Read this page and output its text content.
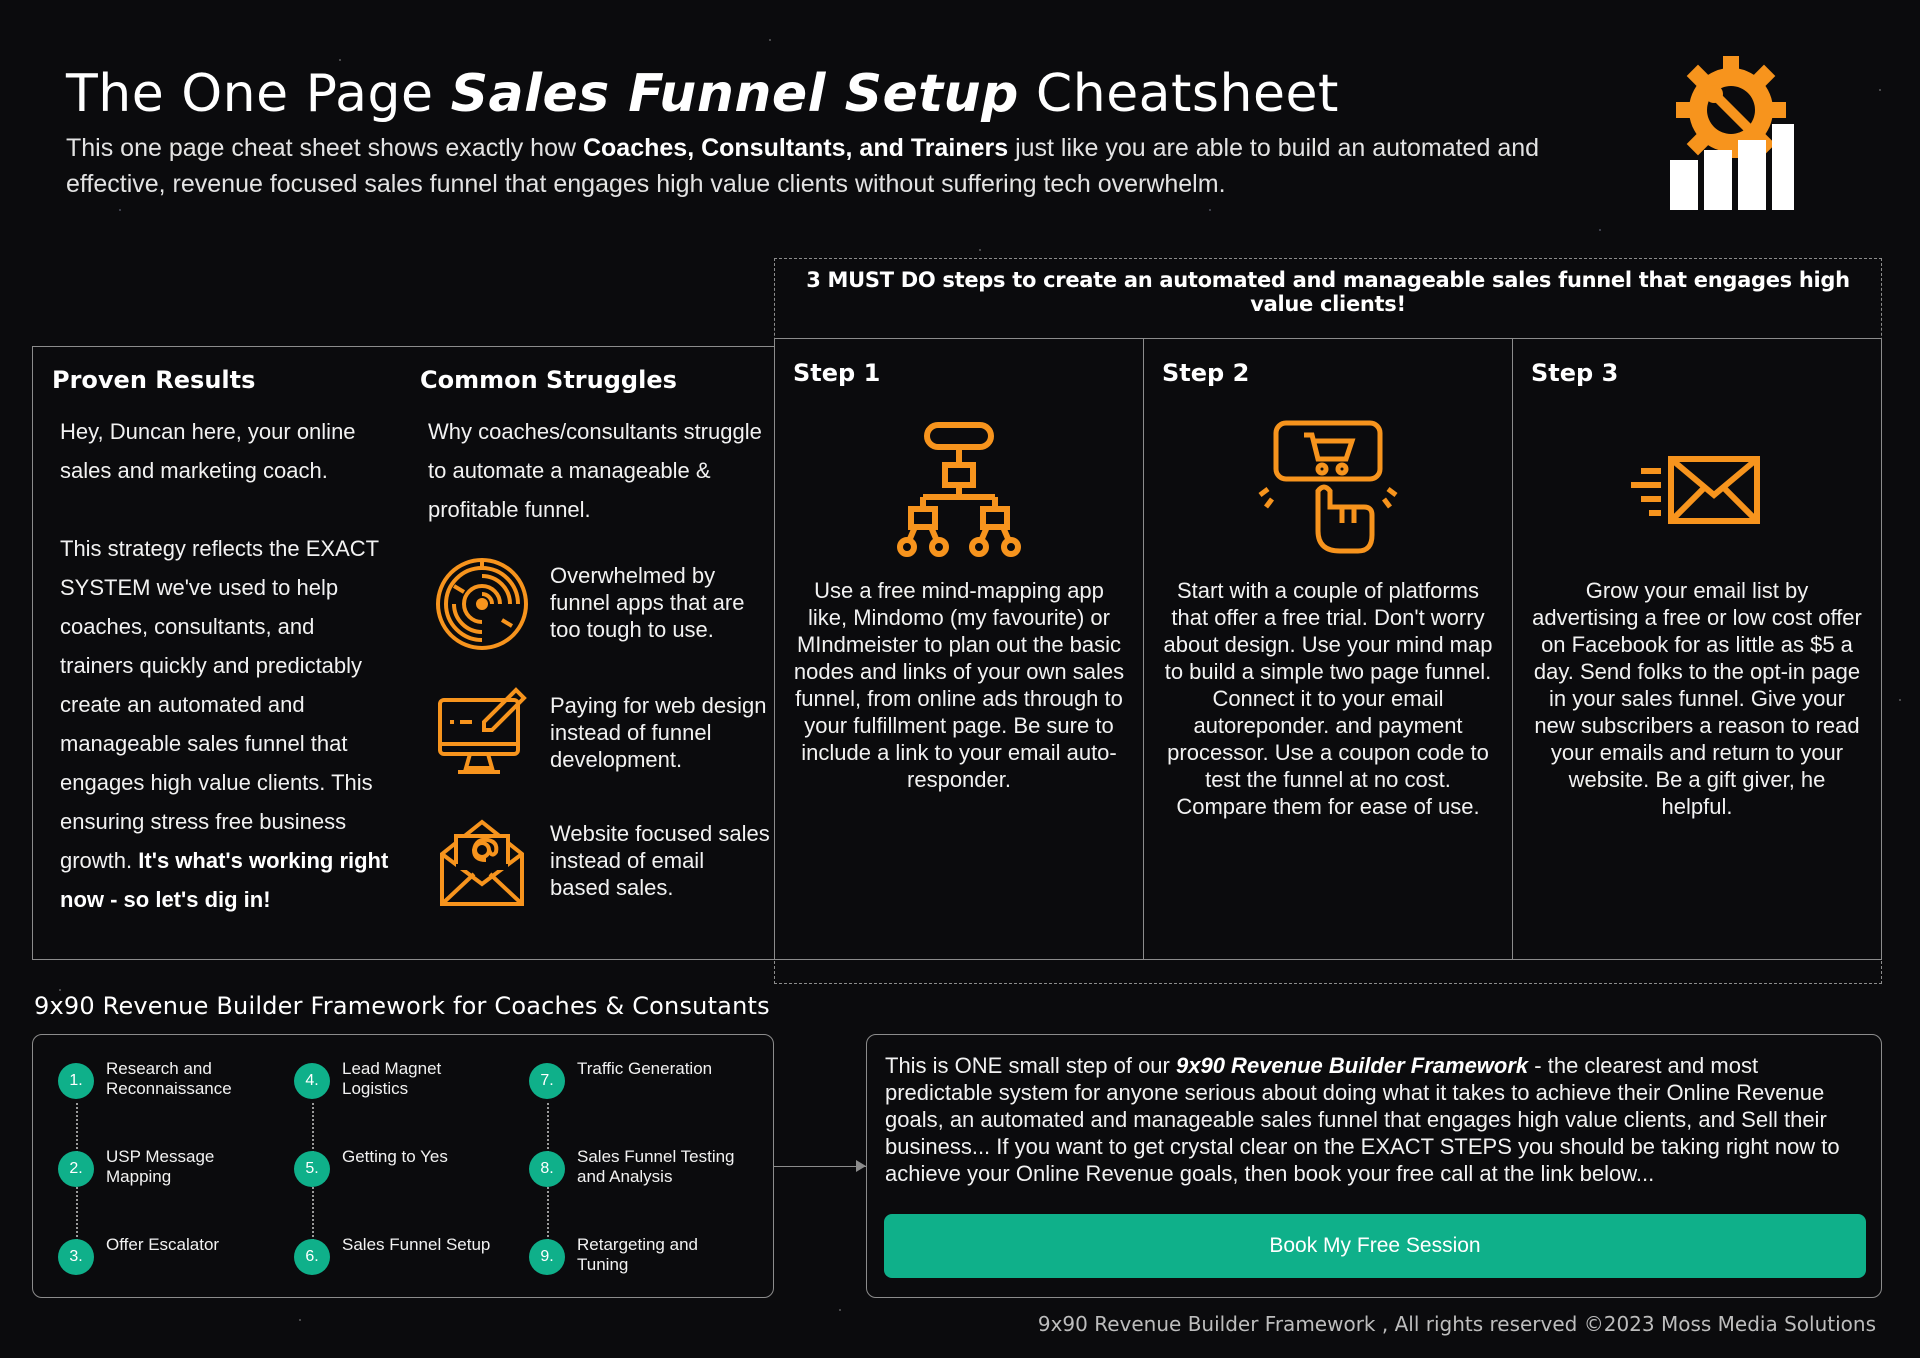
The One Page Sales Funnel Setup Cheatsheet
This one page cheat sheet shows exactly how Coaches, Consultants, and Trainers just like you are able to build an automated and effective, revenue focused sales funnel that engages high value clients without suffering tech overwhelm.
3 MUST DO steps to create an automated and manageable sales funnel that engages high value clients!
Step 1
Use a free mind-mapping app like, Mindomo (my favourite) or MIndmeister to plan out the basic nodes and links of your own sales funnel, from online ads through to your fulfillment page. Be sure to include a link to your email auto-responder.
Step 2
Start with a couple of platforms that offer a free trial. Don't worry about design. Use your mind map to build a simple two page funnel. Connect it to your email autoreponder. and payment processor. Use a coupon code to test the funnel at no cost. Compare them for ease of use.
Step 3
Grow your email list by advertising a free or low cost offer on Facebook for as little as $5 a day. Send folks to the opt-in page in your sales funnel. Give your new subscribers a reason to read your emails and return to your website. Be a gift giver, he helpful.
Proven Results
Hey, Duncan here, your online sales and marketing coach.
This strategy reflects the EXACT SYSTEM we've used to help coaches, consultants, and trainers quickly and predictably create an automated and manageable sales funnel that engages high value clients. This ensuring stress free business growth. It's what's working right now - so let's dig in!
Common Struggles
Why coaches/consultants struggle to automate a manageable & profitable funnel.
Overwhelmed by funnel apps that are too tough to use.
Paying for web design instead of funnel development.
Website focused sales instead of email based sales.
9x90 Revenue Builder Framework for Coaches & Consutants
1.
Research and Reconnaissance
2.
USP Message Mapping
3.
Offer Escalator
4.
Lead Magnet Logistics
5.
Getting to Yes
6.
Sales Funnel Setup
7.
Traffic Generation
8.
Sales Funnel Testing and Analysis
9.
Retargeting and Tuning
This is ONE small step of our 9x90 Revenue Builder Framework - the clearest and most predictable system for anyone serious about doing what it takes to achieve their Online Revenue goals, an automated and manageable sales funnel that engages high value clients, and Sell their business... If you want to get crystal clear on the EXACT STEPS you should be taking right now to achieve your Online Revenue goals, then book your free call at the link below...
Book My Free Session
9x90 Revenue Builder Framework , All rights reserved ©2023 Moss Media Solutions
